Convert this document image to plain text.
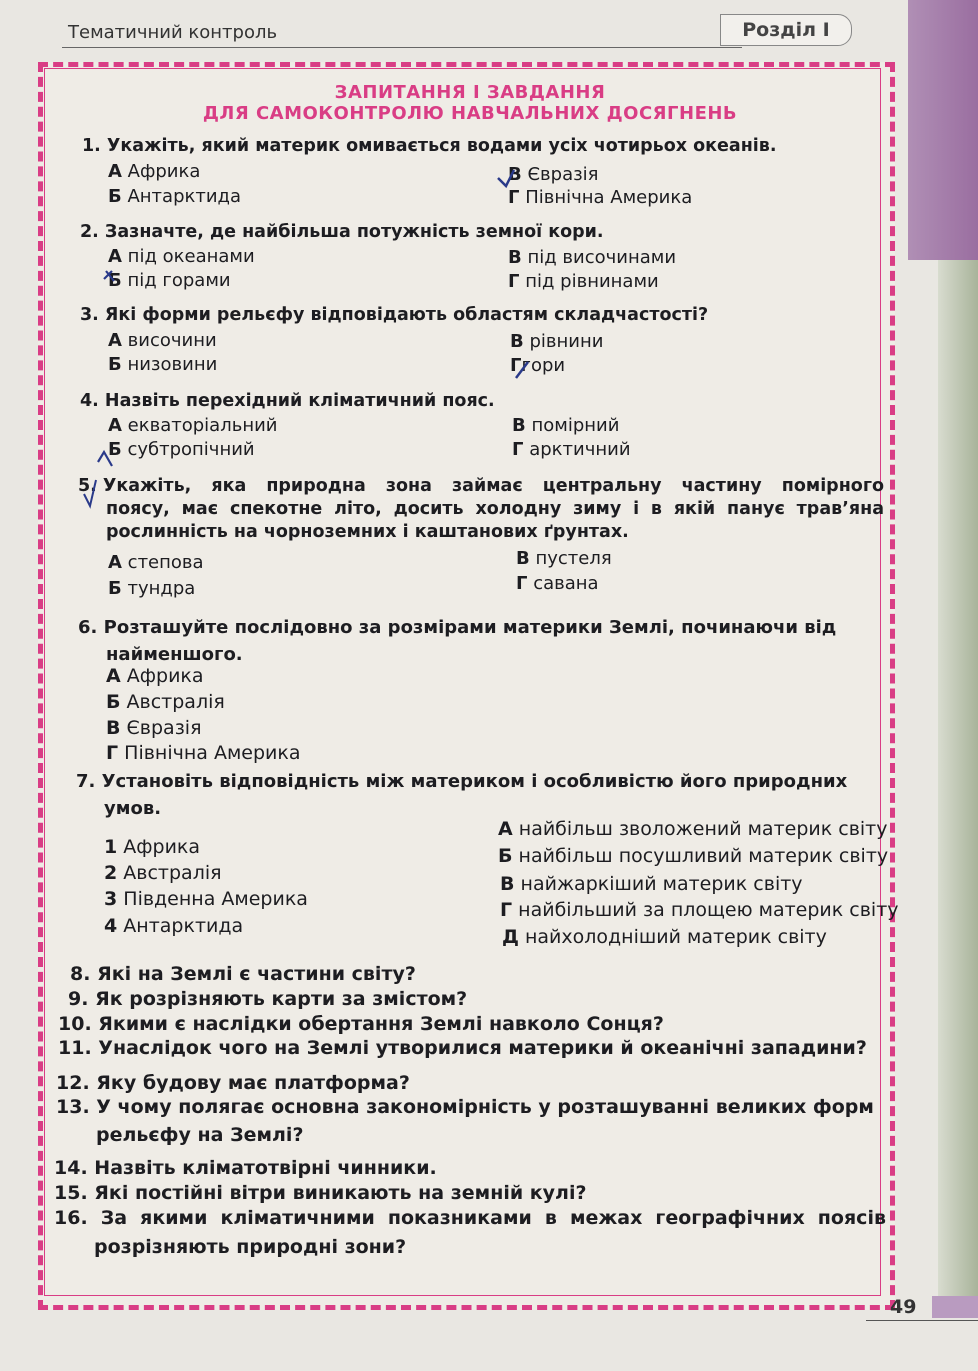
Тематичний контроль	Розділ I
ЗАПИТАННЯ І ЗАВДАННЯ
ДЛЯ САМОКОНТРОЛЮ НАВЧАЛЬНИХ ДОСЯГНЕНЬ
1. Укажіть, який материк омивається водами усіх чотирьох океанів.
А Африка
Б Антарктида
В Євразія
Г Північна Америка
2. Зазначте, де найбільша потужність земної кори.
А під океанами
Б під горами
В під височинами
Г під рівнинами
3. Які форми рельєфу відповідають областям складчастості?
А височини
Б низовини
В рівнини
Ггори
4. Назвіть перехідний кліматичний пояс.
А екваторіальний
Б субтропічний
В помірний
Г арктичний
5. Укажіть, яка природна зона займає центральну частину помірного
поясу, має спекотне літо, досить холодну зиму і в якій панує трав’яна
рослинність на чорноземних і каштанових ґрунтах.
А степова
Б тундра
В пустеля
Г савана
6. Розташуйте послідовно за розмірами материки Землі, починаючи від
найменшого.
А Африка
Б Австралія
В Євразія
Г Північна Америка
7. Установіть відповідність між материком і особливістю його природних
умов.
1 Африка
2 Австралія
3 Південна Америка
4 Антарктида
А найбільш зволожений материк світу
Б найбільш посушливий материк світу
В найжаркіший материк світу
Г найбільший за площею материк світу
Д найхолодніший материк світу
8. Які на Землі є частини світу?
9. Як розрізняють карти за змістом?
10. Якими є наслідки обертання Землі навколо Сонця?
11. Унаслідок чого на Землі утворилися материки й океанічні западини?
12. Яку будову має платформа?
13. У чому полягає основна закономірність у розташуванні великих форм
рельєфу на Землі?
14. Назвіть кліматотвірні чинники.
15. Які постійні вітри виникають на земній кулі?
16. За якими кліматичними показниками в межах географічних поясів
розрізняють природні зони?
49
